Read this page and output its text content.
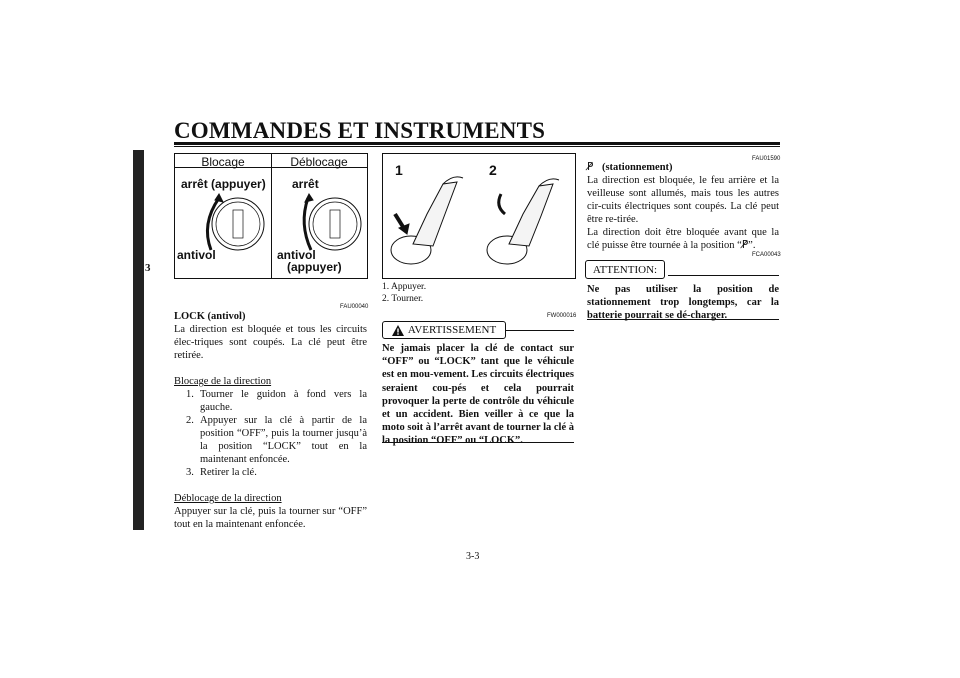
COMMANDES ET INSTRUMENTS
3
Blocage	Déblocage
arrêt (appuyer)
antivol
arrêt
antivol
(appuyer)
FAU00040
LOCK (antivol)
La direction est bloquée et tous les circuits élec-triques sont coupés. La clé peut être retirée.
Blocage de la direction
1. Tourner le guidon à fond vers la gauche.
2. Appuyer sur la clé à partir de la position “OFF”, puis la tourner jusqu’à la position “LOCK” tout en la maintenant enfoncée.
3. Retirer la clé.
Déblocage de la direction
Appuyer sur la clé, puis la tourner sur “OFF” tout en la maintenant enfoncée.
1	2
1. Appuyer.
2. Tourner.
FW000016
AVERTISSEMENT
Ne jamais placer la clé de contact sur “OFF” ou “LOCK” tant que le véhicule est en mou-vement. Les circuits électriques seraient cou-pés et cela pourrait provoquer la perte de contrôle du véhicule et un accident. Bien veiller à ce que la moto soit à l’arrêt avant de tourner la clé à la position “OFF” ou “LOCK”.
FAU01590
P̸ (stationnement)
La direction est bloquée, le feu arrière et la veilleuse sont allumés, mais tous les autres cir-cuits électriques sont coupés. La clé peut être re-tirée.
La direction doit être bloquée avant que la clé puisse être tournée à la position “P̸”.
FCA00043
ATTENTION:
Ne pas utiliser la position de stationnement trop longtemps, car la batterie pourrait se dé-charger.
3-3
